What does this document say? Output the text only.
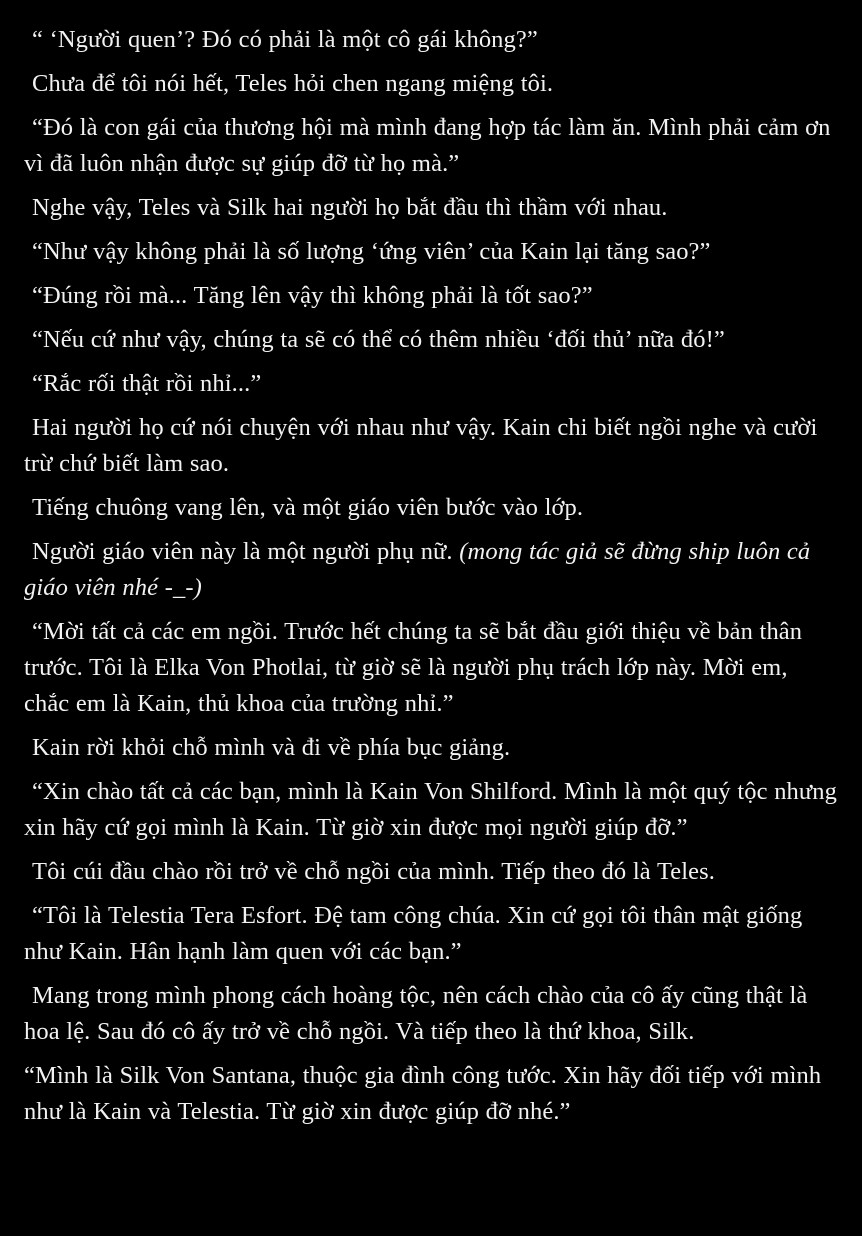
“ ‘Người quen’? Đó có phải là một cô gái không?”

Chưa để tôi nói hết, Teles hỏi chen ngang miệng tôi.

“Đó là con gái của thương hội mà mình đang hợp tác làm ăn. Mình phải cảm ơn vì đã luôn nhận được sự giúp đỡ từ họ mà.”

Nghe vậy, Teles và Silk hai người họ bắt đầu thì thầm với nhau.

“Như vậy không phải là số lượng ‘ứng viên’ của Kain lại tăng sao?”

“Đúng rồi mà... Tăng lên vậy thì không phải là tốt sao?”

“Nếu cứ như vậy, chúng ta sẽ có thể có thêm nhiều ‘đối thủ’ nữa đó!”

“Rắc rối thật rồi nhỉ...”

Hai người họ cứ nói chuyện với nhau như vậy. Kain chi biết ngồi nghe và cười trừ chứ biết làm sao.

Tiếng chuông vang lên, và một giáo viên bước vào lớp.

Người giáo viên này là một người phụ nữ. (mong tác giả sẽ đừng ship luôn cả giáo viên nhé -_-)

“Mời tất cả các em ngồi. Trước hết chúng ta sẽ bắt đầu giới thiệu về bản thân trước. Tôi là Elka Von Photlai, từ giờ sẽ là người phụ trách lớp này. Mời em, chắc em là Kain, thủ khoa của trường nhỉ.”

Kain rời khỏi chỗ mình và đi về phía bục giảng.

“Xin chào tất cả các bạn, mình là Kain Von Shilford. Mình là một quý tộc nhưng xin hãy cứ gọi mình là Kain. Từ giờ xin được mọi người giúp đỡ.”

Tôi cúi đầu chào rồi trở về chỗ ngồi của mình. Tiếp theo đó là Teles.

“Tôi là Telestia Tera Esfort. Đệ tam công chúa. Xin cứ gọi tôi thân mật giống như Kain. Hân hạnh làm quen với các bạn.”

Mang trong mình phong cách hoàng tộc, nên cách chào của cô ấy cũng thật là hoa lệ. Sau đó cô ấy trở về chỗ ngồi. Và tiếp theo là thứ khoa, Silk.

“Mình là Silk Von Santana, thuộc gia đình công tước. Xin hãy đối tiếp với mình như là Kain và Telestia. Từ giờ xin được giúp đỡ nhé.”
